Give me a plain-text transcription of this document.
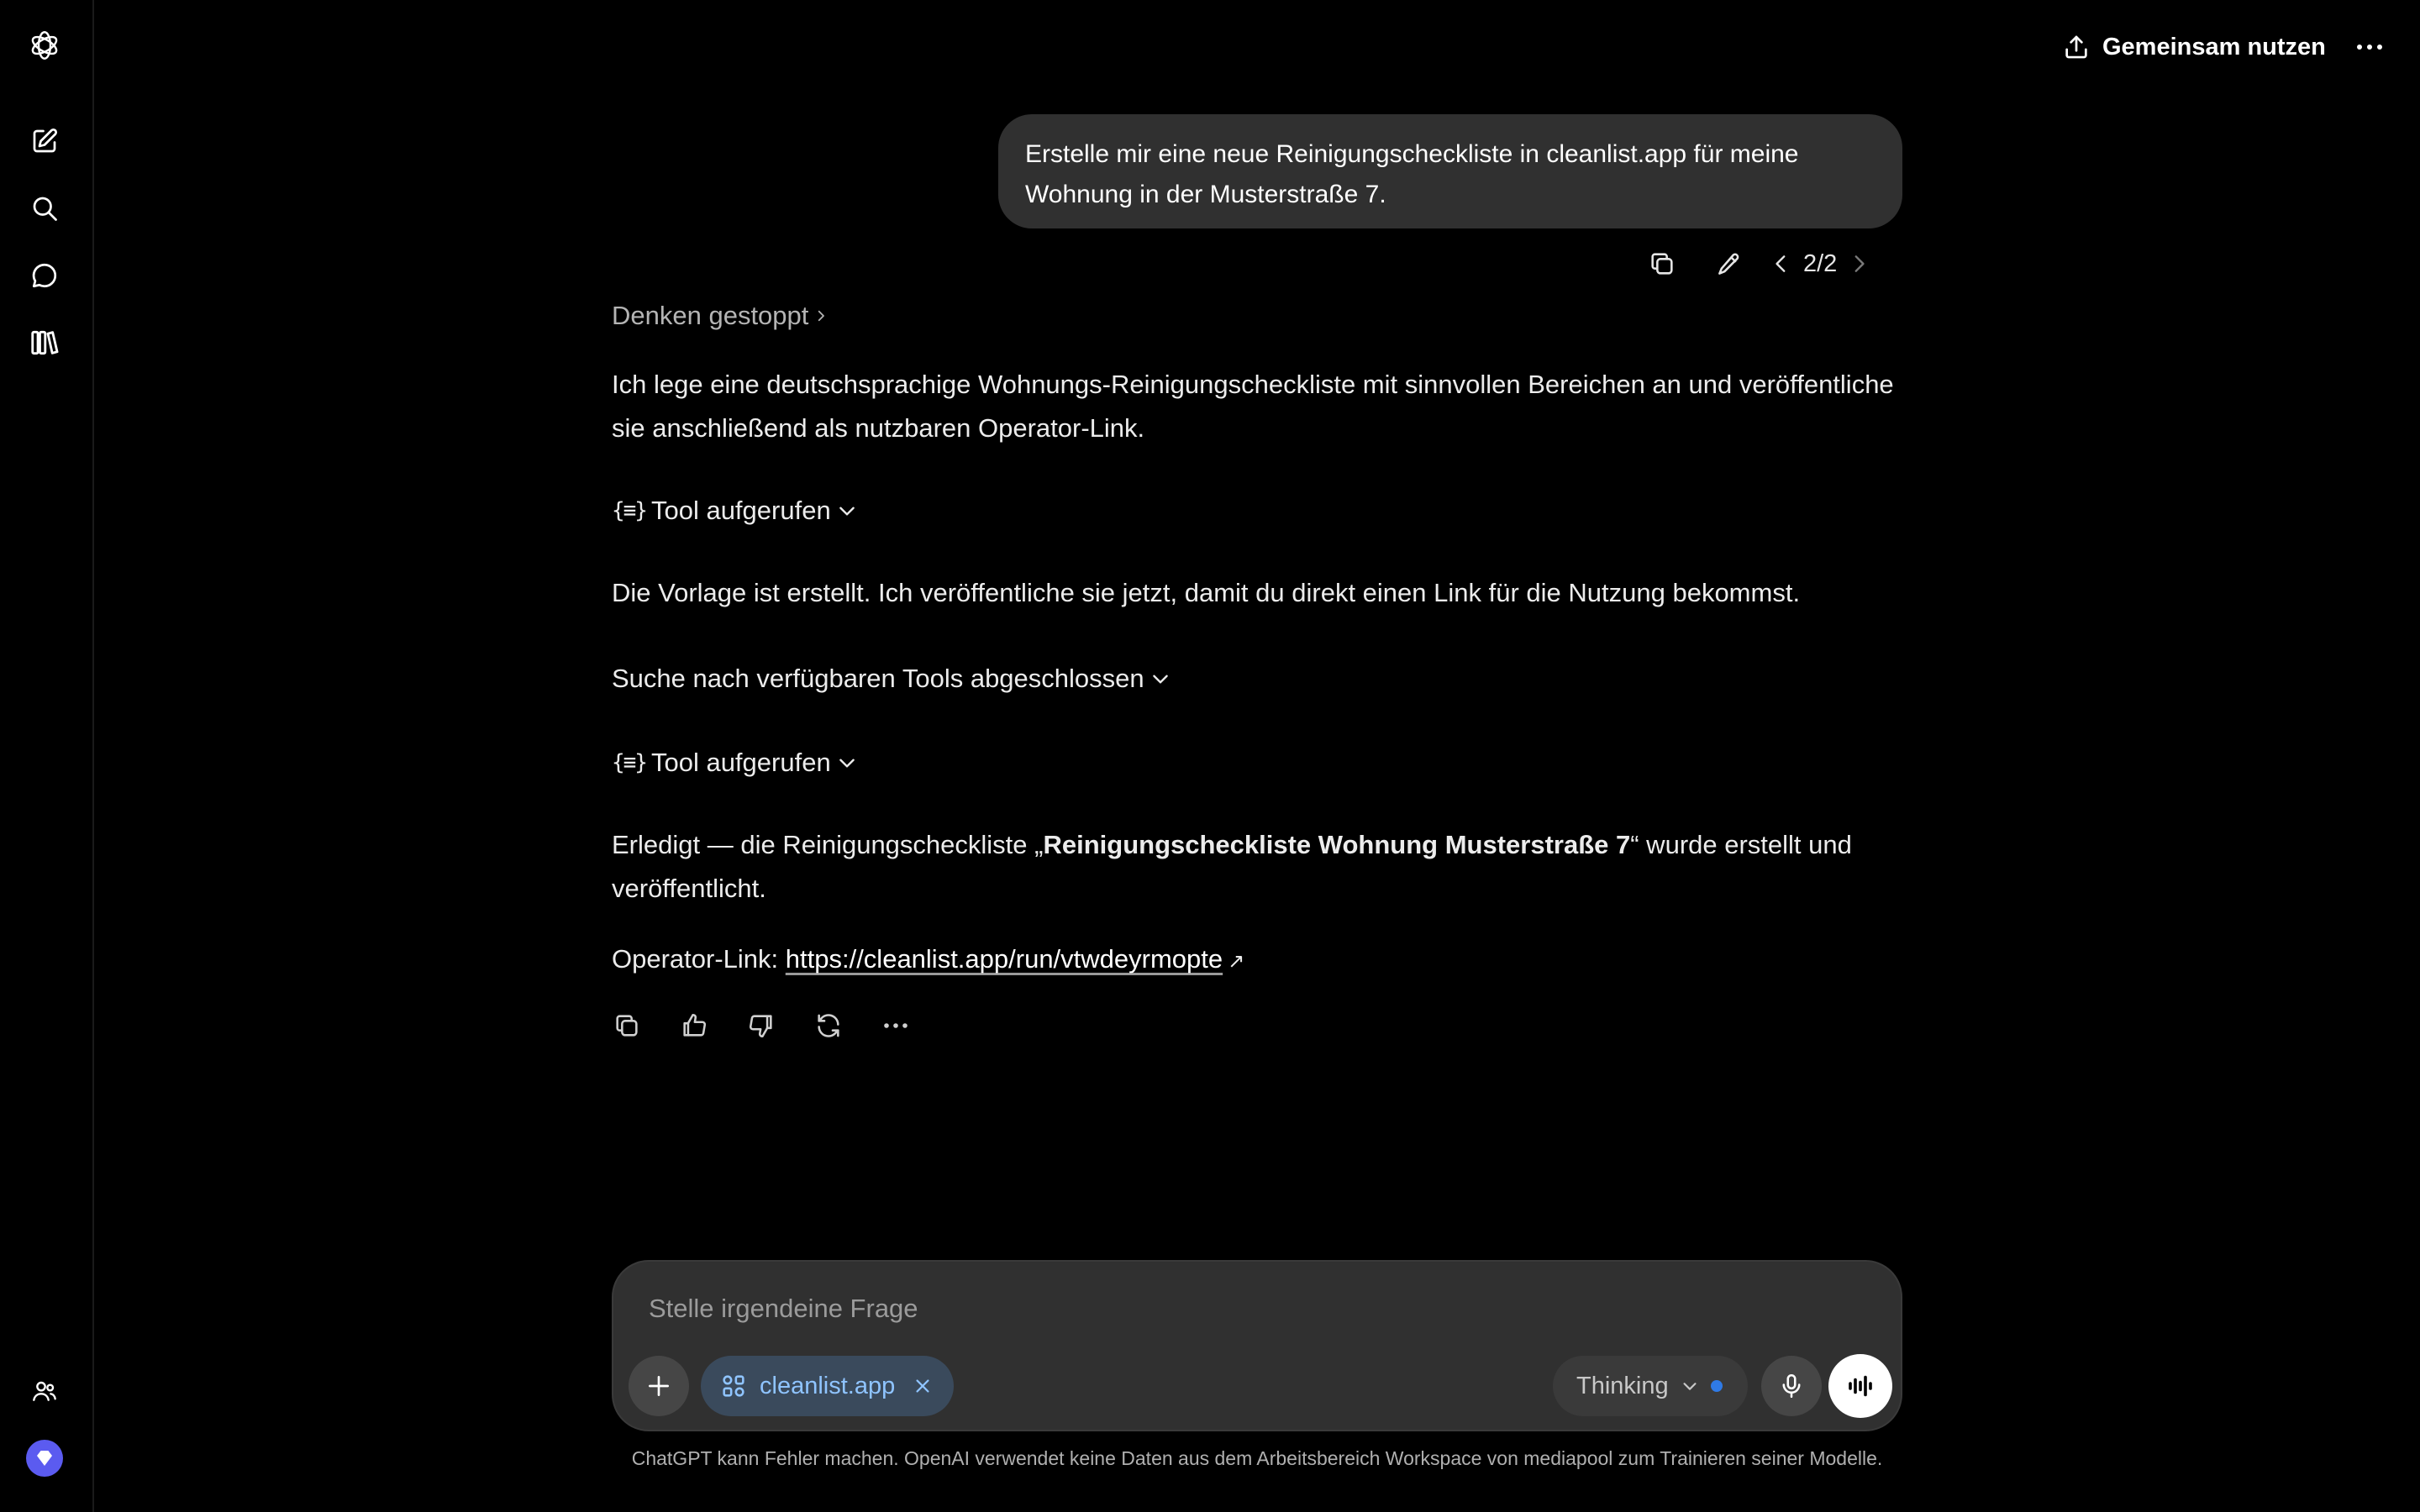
Gemeinsam nutzen
Erstelle mir eine neue Reinigungscheckliste in cleanlist.app für meine Wohnung in der Musterstraße 7.
2/2
Denken gestoppt

Ich lege eine deutschsprachige Wohnungs-Reinigungscheckliste mit sinnvollen Bereichen an und veröffentliche sie anschließend als nutzbaren Operator-Link.

{≡} Tool aufgerufen

Die Vorlage ist erstellt. Ich veröffentliche sie jetzt, damit du direkt einen Link für die Nutzung bekommst.

Suche nach verfügbaren Tools abgeschlossen
{≡} Tool aufgerufen

Erledigt — die Reinigungscheckliste „Reinigungscheckliste Wohnung Musterstraße 7“ wurde erstellt und veröffentlicht.

Operator-Link: https://cleanlist.app/run/vtwdeyrmopte ↗

Stelle irgendeine Frage
cleanlist.app	Thinking
ChatGPT kann Fehler machen. OpenAI verwendet keine Daten aus dem Arbeitsbereich Workspace von mediapool zum Trainieren seiner Modelle.
